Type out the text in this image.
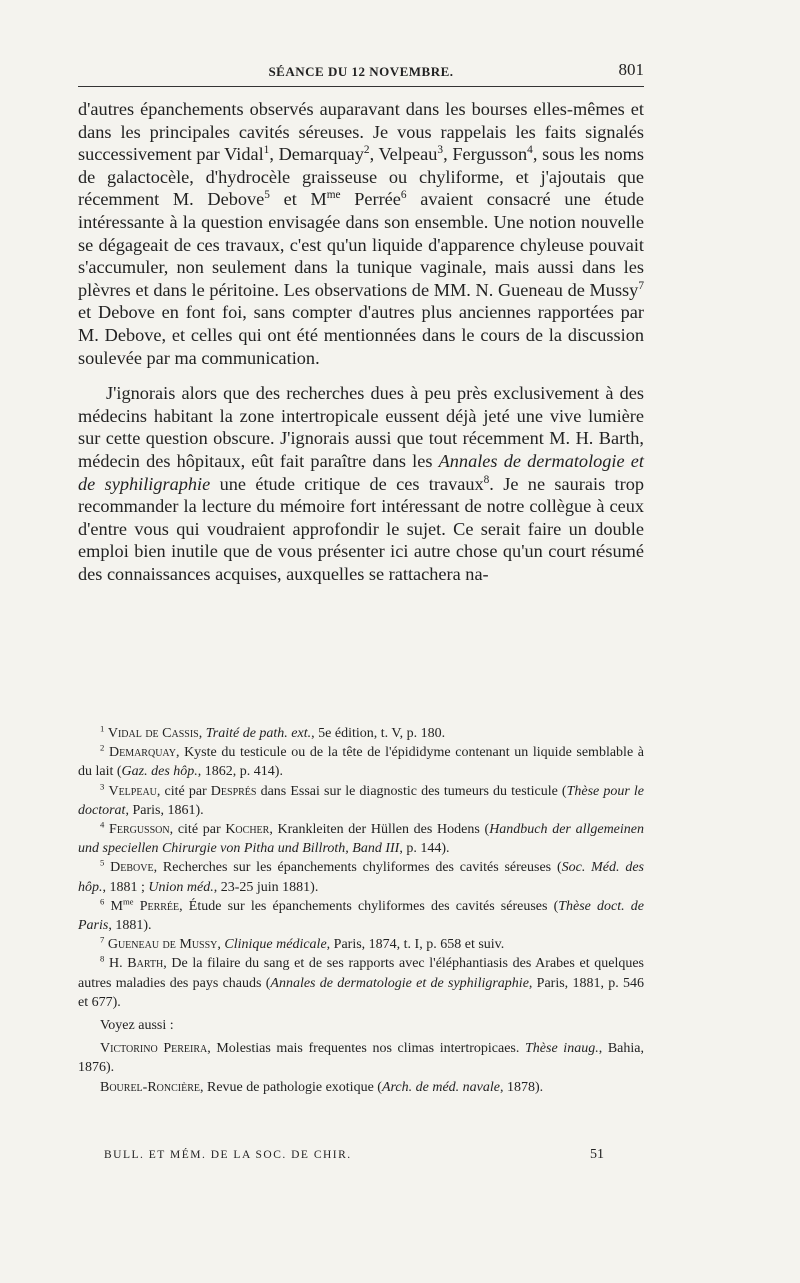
SÉANCE DU 12 NOVEMBRE.	801

d'autres épanchements observés auparavant dans les bourses elles-mêmes et dans les principales cavités séreuses. Je vous rappelais les faits signalés successivement par Vidal$^1$, Demarquay$^2$, Velpeau$^3$, Fergusson$^4$, sous les noms de galactocèle, d'hydrocèle graisseuse ou chyliforme, et j'ajoutais que récemment M. Debove$^5$ et $M^{me}$ Perrée$^6$ avaient consacré une étude intéressante à la question envisagée dans son ensemble. Une notion nouvelle se dégageait de ces travaux, c'est qu'un liquide d'apparence chyleuse pouvait s'accumuler, non seulement dans la tunique vaginale, mais aussi dans les plèvres et dans le péritoine. Les observations de MM. N. Gueneau de Mussy$^7$ et Debove en font foi, sans compter d'autres plus anciennes rapportées par M. Debove, et celles qui ont été mentionnées dans le cours de la discussion soulevée par ma communication.

J'ignorais alors que des recherches dues à peu près exclusivement à des médecins habitant la zone intertropicale eussent déjà jeté une vive lumière sur cette question obscure. J'ignorais aussi que tout récemment M. H. Barth, médecin des hôpitaux, eût fait paraître dans les Annales de dermatologie et de syphiligraphie une étude critique de ces travaux$^8$. Je ne saurais trop recommander la lecture du mémoire fort intéressant de notre collègue à ceux d'entre vous qui voudraient approfondir le sujet. Ce serait faire un double emploi bien inutile que de vous présenter ici autre chose qu'un court résumé des connaissances acquises, auxquelles se rattachera na-

$^1$ Vidal de Cassis, Traité de path. ext., 5e édition, t. V, p. 180.

$^2$ Demarquay, Kyste du testicule ou de la tête de l'épididyme contenant un liquide semblable à du lait (Gaz. des hôp., 1862, p. 414).

$^3$ Velpeau, cité par Després dans Essai sur le diagnostic des tumeurs du testicule (Thèse pour le doctorat, Paris, 1861).

$^4$ Fergusson, cité par Kocher, Krankleiten der Hüllen des Hodens (Handbuch der allgemeinen und speciellen Chirurgie von Pitha und Billroth, Band III, p. 144).

$^5$ Debove, Recherches sur les épanchements chyliformes des cavités séreuses (Soc. Méd. des hôp., 1881 ; Union méd., 23-25 juin 1881).

$^6$ $M^{me}$ Perrée, Étude sur les épanchements chyliformes des cavités séreuses (Thèse doct. de Paris, 1881).

$^7$ Gueneau de Mussy, Clinique médicale, Paris, 1874, t. I, p. 658 et suiv.

$^8$ H. Barth, De la filaire du sang et de ses rapports avec l'éléphantiasis des Arabes et quelques autres maladies des pays chauds (Annales de dermatologie et de syphiligraphie, Paris, 1881, p. 546 et 677).

Voyez aussi :

Victorino Pereira, Molestias mais frequentes nos climas intertropicaes. Thèse inaug., Bahia, 1876).

Bourel-Roncière, Revue de pathologie exotique (Arch. de méd. navale, 1878).

BULL. ET MÉM. DE LA SOC. DE CHIR.	51
